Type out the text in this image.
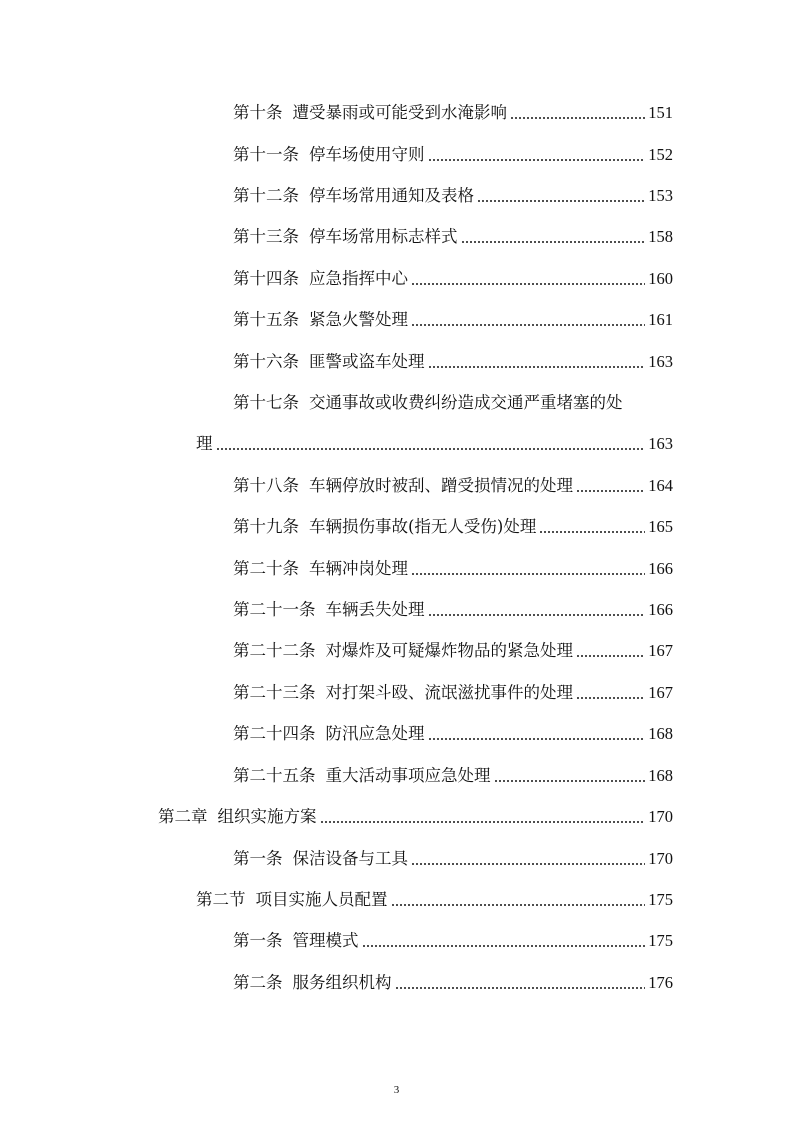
第十条 遭受暴雨或可能受到水淹影响	151
第十一条 停车场使用守则	152
第十二条 停车场常用通知及表格	153
第十三条 停车场常用标志样式	158
第十四条 应急指挥中心	160
第十五条 紧急火警处理	161
第十六条 匪警或盗车处理	163
第十七条 交通事故或收费纠纷造成交通严重堵塞的处
理	163
第十八条 车辆停放时被刮、蹭受损情况的处理	164
第十九条 车辆损伤事故(指无人受伤)处理	165
第二十条 车辆冲岗处理	166
第二十一条 车辆丢失处理	166
第二十二条 对爆炸及可疑爆炸物品的紧急处理	167
第二十三条 对打架斗殴、流氓滋扰事件的处理	167
第二十四条 防汛应急处理	168
第二十五条 重大活动事项应急处理	168
第二章 组织实施方案	170
第一条 保洁设备与工具	170
第二节 项目实施人员配置	175
第一条 管理模式	175
第二条 服务组织机构	176
3
